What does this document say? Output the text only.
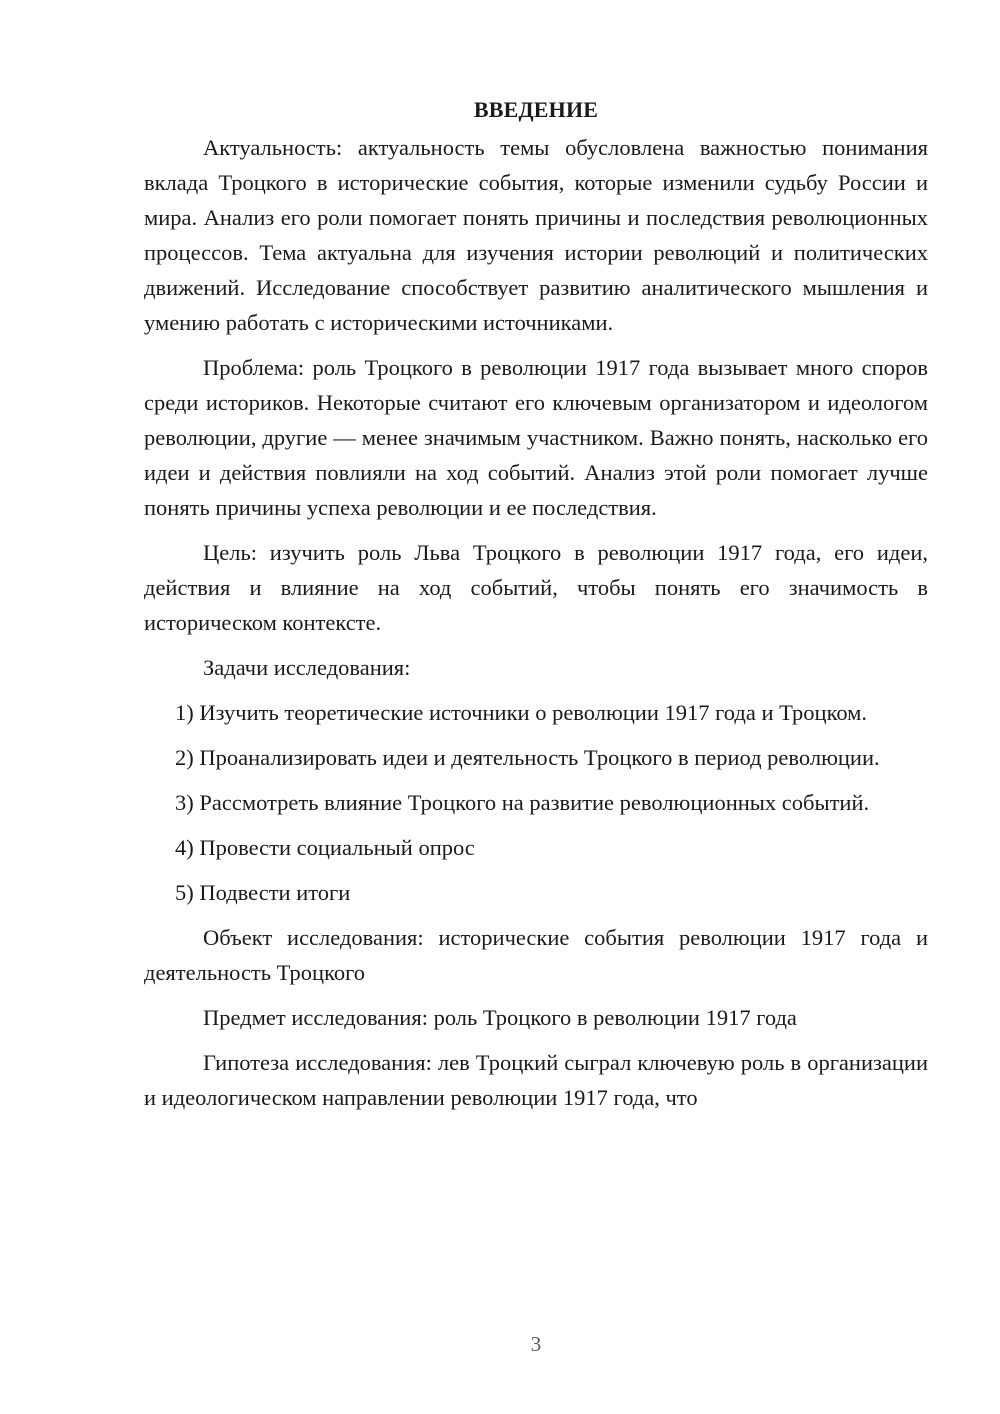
ВВЕДЕНИЕ

Актуальность: актуальность темы обусловлена важностью понимания вклада Троцкого в исторические события, которые изменили судьбу России и мира. Анализ его роли помогает понять причины и последствия революционных процессов. Тема актуальна для изучения истории революций и политических движений. Исследование способствует развитию аналитического мышления и умению работать с историческими источниками.

Проблема: роль Троцкого в революции 1917 года вызывает много споров среди историков. Некоторые считают его ключевым организатором и идеологом революции, другие — менее значимым участником. Важно понять, насколько его идеи и действия повлияли на ход событий. Анализ этой роли помогает лучше понять причины успеха революции и ее последствия.

Цель: изучить роль Льва Троцкого в революции 1917 года, его идеи, действия и влияние на ход событий, чтобы понять его значимость в историческом контексте.

Задачи исследования:

1) Изучить теоретические источники о революции 1917 года и Троцком.

2) Проанализировать идеи и деятельность Троцкого в период революции.

3) Рассмотреть влияние Троцкого на развитие революционных событий.

4) Провести социальный опрос

5) Подвести итоги

Объект исследования: исторические события революции 1917 года и деятельность Троцкого

Предмет исследования: роль Троцкого в революции 1917 года

Гипотеза исследования: лев Троцкий сыграл ключевую роль в организации и идеологическом направлении революции 1917 года, что

3
